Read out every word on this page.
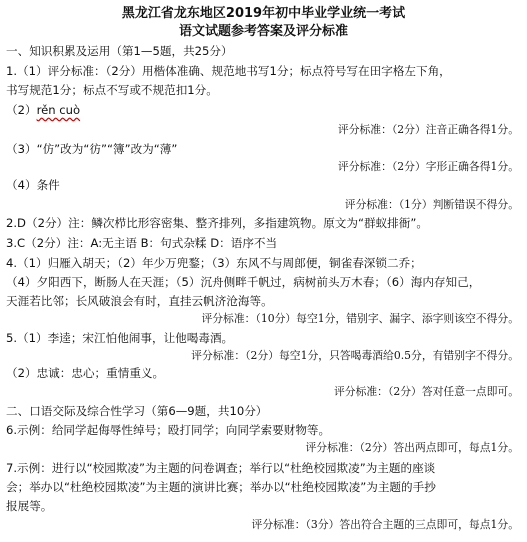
黑龙江省龙东地区2019年初中毕业学业统一考试
语文试题参考答案及评分标准
一、知识积累及运用（第1—5题，共25分）
1.（1）评分标准：（2分）用楷体准确、规范地书写1分；标点符号写在田字格左下角，
书写规范1分；标点不写或不规范扣1分。
（2）rěn cuò
评分标准：（2分）注音正确各得1分。
（3）“仿”改为“彷”“簿”改为“薄”
评分标准：（2分）字形正确各得1分。
（4）条件
评分标准：（1分）判断错误不得分。
2.D（2分）注：鳞次栉比形容密集、整齐排列，多指建筑物。原文为“群蚁排衙”。
3.C（2分）注：A:无主语 B：句式杂糅 D：语序不当
4.（1）归雁入胡天；（2）年少万兜鍪；（3）东风不与周郎便，铜雀春深锁二乔；
（4）夕阳西下，断肠人在天涯；（5）沉舟侧畔千帆过，病树前头万木春；（6）海内存知己，
天涯若比邻；长风破浪会有时，直挂云帆济沧海等。
评分标准：（10分）每空1分，错别字、漏字、添字则该空不得分。
5.（1）李逵；宋江怕他闹事，让他喝毒酒。
评分标准：（2分）每空1分，只答喝毒酒给0.5分，有错别字不得分。
（2）忠诚：忠心；重情重义。
评分标准：（2分）答对任意一点即可。
二、口语交际及综合性学习（第6—9题，共10分）
6.示例：给同学起侮辱性绰号；殴打同学；向同学索要财物等。
评分标准：（2分）答出两点即可，每点1分。
7.示例：进行以“校园欺凌”为主题的问卷调查；举行以“杜绝校园欺凌”为主题的座谈
会；举办以“杜绝校园欺凌”为主题的演讲比赛；举办以“杜绝校园欺凌”为主题的手抄
报展等。
评分标准：（3分）答出符合主题的三点即可，每点1分。
